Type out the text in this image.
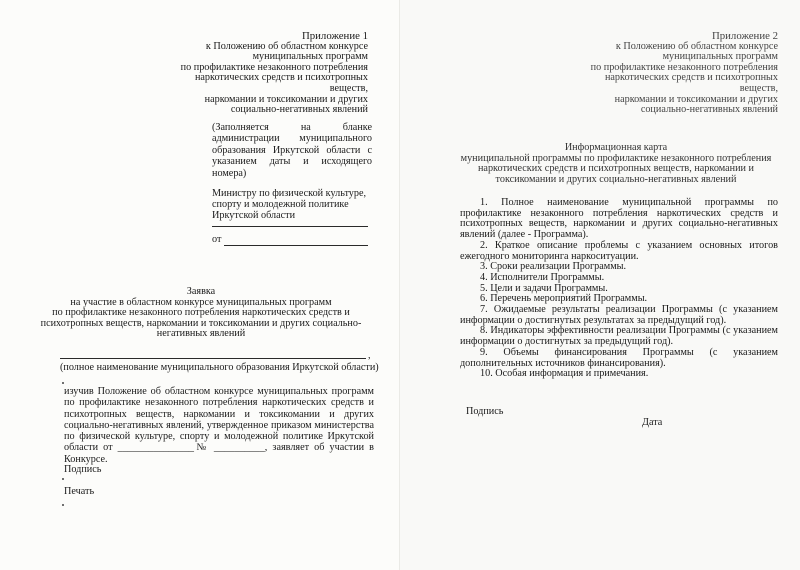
Приложение 1
к Положению об областном конкурсе
муниципальных программ
по профилактике незаконного потребления
наркотических средств и психотропных веществ,
наркомании и токсикомании и других
социально-негативных явлений
(Заполняется на бланке
администрации муниципального
образования Иркутской области с
указанием даты и исходящего
номера)
Министру по физической культуре,
спорту и молодежной политике
Иркутской области
от
Заявка
на участие в областном конкурсе муниципальных программ
по профилактике незаконного потребления наркотических средств и
психотропных веществ, наркомании и токсикомании и других социально-
негативных явлений
,
(полное наименование муниципального образования Иркутской области)

изучив Положение об областном конкурсе муниципальных программ по профилактике незаконного потребления наркотических средств и психотропных веществ, наркомании и токсикомании и других социально-негативных явлений, утвержденное приказом министерства по физической культуре, спорту и молодежной политике Иркутской области от _______________№ __________, заявляет об участии в Конкурсе.

Подпись
Печать
Приложение 2
к Положению об областном конкурсе
муниципальных программ
по профилактике незаконного потребления
наркотических средств и психотропных веществ,
наркомании и токсикомании и других
социально-негативных явлений
Информационная карта
муниципальной программы по профилактике незаконного потребления
наркотических средств и психотропных веществ, наркомании и
токсикомании и других социально-негативных явлений

1. Полное наименование муниципальной программы по профилактике незаконного потребления наркотических средств и психотропных веществ, наркомании и других социально-негативных явлений (далее - Программа).

2. Краткое описание проблемы с указанием основных итогов ежегодного мониторинга наркоситуации.

3. Сроки реализации Программы.

4. Исполнители Программы.

5. Цели и задачи Программы.

6. Перечень мероприятий Программы.

7. Ожидаемые результаты реализации Программы (с указанием информации о достигнутых результатах за предыдущий год).

8. Индикаторы эффективности реализации Программы (с указанием информации о достигнутых за предыдущий год).

9. Объемы финансирования Программы (с указанием дополнительных источников финансирования).

10. Особая информация и примечания.

Подпись
Дата
